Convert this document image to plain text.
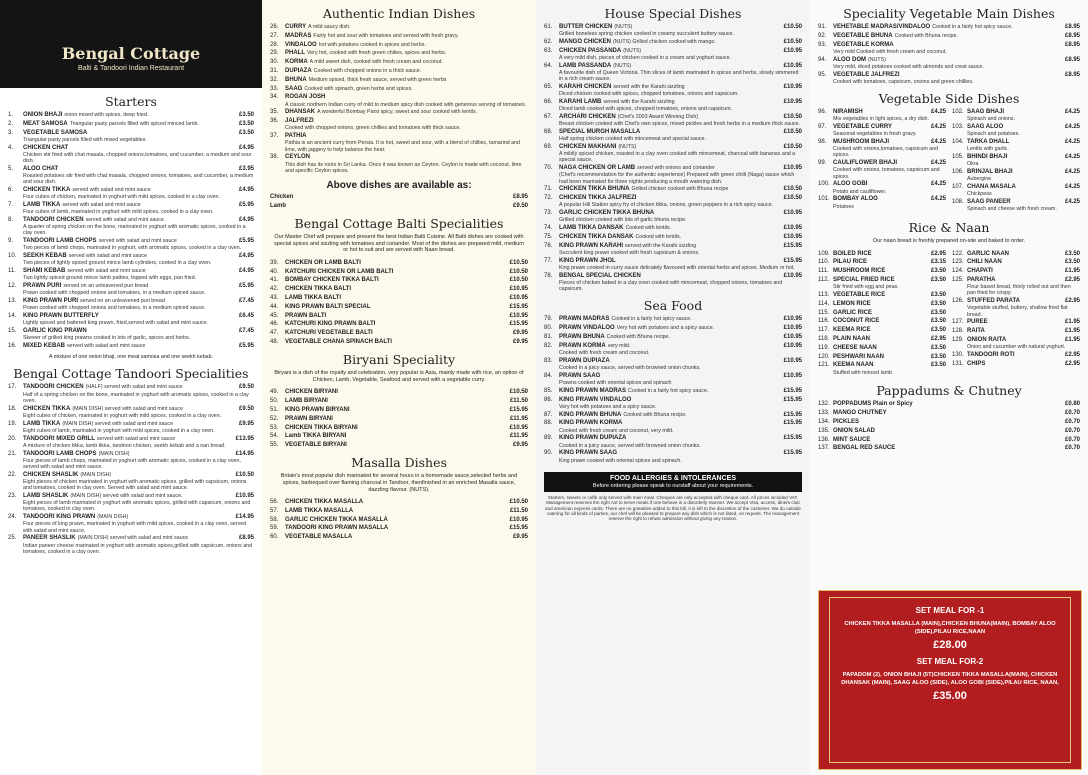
Bengal Cottage
Balti & Tandoori Indian Restaurant
Starters
1.	ONION BHAJI onion mixed with spices, deep fried.	£3.50
2.	MEAT SAMOSA Triangular pasty parcels filled with spiced minced lamb.	£3.50
3.	VEGETABLE SAMOSA	£3.50
Triangular pasty parcels filled with mixed vegetables.
4.	CHICKEN CHAT	£4.95
Chicken stir fried with chat masala, chopped onions,tomatoes, and cucumber, a medium and sour dish.
5.	ALOO CHAT	£3.95
Roasted potatoes stir fried with chat masala, chopped onions, tomatoes, and cucumber, a medium and sour dish.
6.	CHICKEN TIKKA served with salad and mint sauce	£4.95
Four cubes of chicken, marinated in yoghurt with mild spices, cooked in a clay oven.
7.	LAMB TIKKA served with salad and mint sauce	£5.95
Four cubes of lamb, marinated in yoghurt with mild spices, cooked in a clay oven.
8.	TANDOORI CHICKEN served with salad and mint sauce	£4.95
A quarter of spring chicken on the bone, marinated in yoghurt with aromatic spices, cooked in a clay oven.
9.	TANDOORI LAMB CHOPS served with salad and mint sauce	£5.95
Two pieces of lamb chops, marinated in yoghurt, with aromatic spices, cooked in a clay oven.
10.	SEEKH KEBAB served with salad and mint sauce	£4.95
Two pieces of lightly spiced ground mince lamb cylinders, cooked in a clay oven.
11.	SHAMI KEBAB served with salad and mint sauce	£4.95
Two lightly spiced ground mince lamb patties, topped with eggs, pan fried.
12.	PRAWN PURI served on an unleavened puri bread	£5.95
Prawn cooked with chopped onions and tomatoes, in a medium spiced sauce.
13.	KING PRAWN PURI served on an unleavened puri bread	£7.45
Prawn cooked with chopped onions and tomatoes, in a medium spiced sauce.
14.	KING PRAWN BUTTERFLY	£6.45
Lightly spiced and battered king prawn, fried,served with salad and mint sauce.
15.	GARLIC KING PRAWN	£7.45
Skewer of grilled king prawns cooked in lots of garlic, spices and herbs.
16.	MIXED KEBAB served with salad and mint sauce	£5.95
A mixture of one onion bhaji, one meat samosa and one seekh kebab.
Bengal Cottage Tandoori Specialities
17.	TANDOORI CHICKEN (HALF) served with salad and mint sauce	£9.50
Half of a spring chicken on the bone, marinated in yoghurt with aromatic spices, cooked in a clay oven.
18.	CHICKEN TIKKA (MAIN DISH) served with salad and mint sauce	£9.50
Eight cubes of chicken, marinated in yoghurt with mild spices, cooked in a clay oven.
19.	LAMB TIKKA (MAIN DISH) served with salad and mint sauce	£9.95
Eight cubes of lamb, marinated in yoghurt with mild spices, cooked in a clay oven.
20.	TANDOORI MIXED GRILL served with salad and mint sauce	£13.95
A mixture of chicken tikka, lamb tikka, tandoori chicken, seekh kebab and a nan bread.
21.	TANDOORI LAMB CHOPS (MAIN DISH)	£14.95
Four pieces of lamb chops, marinated in yoghurt with aromatic spices, cooked in a clay oven, served with salad and mint sauce.
22.	CHICKEN SHASLIK (MAIN DISH)	£10.50
Eight pieces of chicken marinated in yoghurt with aromatic spices, grilled with capsicum, onions and tomatoes, cooked in clay oven. Served with salad and mint sauce.
23.	LAMB SHASLIK (MAIN DISH) served with salad and mint sauce.	£10.95
Eight pieces of lamb marinated in yoghurt with aromatic spices, grilled with capsicum, onions and tomatoes, cooked in clay oven.
24.	TANDOORI KING PRAWN (MAIN DISH)	£14.95
Four pieces of king prawn, marinated in yoghurt with mild spices, cooked in a clay oven, served with salad and mint sauce.
25.	PANEER SHASLIK (MAIN DISH) served with salad and mint sauce	£8.95
Indian paneer cheese marinated in yoghurt with aromatic spices,grilled with capsicum, onions and tomatoes, cooked in a clay oven.
Authentic Indian Dishes
26.	CURRY A mild saucy dish.
27.	MADRAS Fairly hot and sour with tomatoes and served with fresh gravy.
28.	VINDALOO hot with potatoes cooked in spices and herbs.
29.	PHALL Very hot, cooked with fresh green chilies, spices and herbs.
30.	KORMA A mild sweet dish, cooked with fresh cream and coconut.
31.	DUPIAZA Cooked with chopped onions in a thick sauce.
32.	BHUNA Medium spiced, thick fresh sauce, served with green herbs
33.	SAAG Cooked with spinach, green herbs and spices.
34.	ROGAN JOSH
A classic northern Indian curry of mild to medium spicy dish cooked with generous serving of tomatoes.
35.	DHANSAK A wonderful Bombay Parsi spicy, sweet and sour cooked with lentils.
36.	JALFREZI
Cooked with chopped onions, green chillies and tomatoes with thick sauce.
37.	PATHIA
Pathia is an ancient curry from Persia. It is hot, sweet and sour, with a blend of chillies, tamarind and lime, with jaggery to help balance the heat.
38.	CEYLON
This dish has its roots in Sri Lanka. Once it was known as Ceyton. Ceylon is made with coconut, lime and specific Ceylon spices.
Above dishes are available as:
Chicken	£8.95
Lamb	£9.50
Bengal Cottage Balti Specialities
Our Master Chef will prepare and present the best Indian Balti Cuisine. All Balti dishes are cooked with special spices and sizzling with tomatoes and coriander. Most of the dishes are prepared mild, medium or hot to suit and are served with Naan bread.
39.	CHICKEN OR LAMB BALTI	£10.50
40.	KATCHURI CHICKEN OR LAMB BALTI	£10.50
41.	BOMBAY CHICKEN TIKKA BALTI	£10.50
42.	CHICKEN TIKKA BALTI	£10.95
43.	LAMB TIKKA BALTI	£10.95
44.	KING PRAWN BALTI SPECIAL	£15.95
45.	PRAWN BALTI	£10.95
46.	KATCHURI KING PRAWN BALTI	£15.95
47.	KATCHURI VEGETABLE BALTI	£9.95
48.	VEGETABLE CHANA SPINACH BALTI	£9.95
Biryani Speciality
Biryani is a dish of the royalty and celebration, very popular is Asia, mainly made with rice, an option of Chicken, Lamb, Vegetable, Seafood and served with a vegetable curry.
49.	CHICKEN BIRYANI	£10.50
50.	LAMB BIRYANI	£11.50
51.	KING PRAWN BIRYANI	£15.95
52.	PRAWN BIRYANI	£11.95
53.	CHICKEN TIKKA BIRYANI	£10.95
54.	Lamb TIKKA BIRYANI	£11.95
55.	VEGETABLE BIRYANI	£9.95
Masalla Dishes
Britain's most popular dish marinated for several hours in a homemade sauce,selected herbs and spices, barbequed over flaming charcoal in Tandoor, thenfinished in an enriched Masalla sauce, dazzling flavour. (NUTS).
56.	CHICKEN TIKKA MASALLA	£10.50
57.	LAMB TIKKA MASALLA	£11.50
58.	GARLIC CHICKEN TIKKA MASALLA	£10.95
59.	TANDOORI KING PRAWN MASALLA	£15.95
60.	VEGETABLE MASALLA	£9.95
House Special Dishes
61.	BUTTER CHICKEN (NUTS)	£10.50
Grilled boneless spring chicken cooked in creamy succulent buttery sauce.
62.	MANGO CHICKEN (NUTS) Grilled chicken cooked with mango.	£10.50
63.	CHICKEN PASSANDA (NUTS)	£10.95
A very mild dish, pieces of chicken cooked in a cream and yoghurt sauce.
64.	LAMB PASSANDA (NUTS)	£10.95
A favourite dish of Queen Victoria. Thin slices of lamb marinated in spices and herbs, slowly simmered in a rich cream sauce.
65.	KARAHI CHICKEN served with the Karahi sizzling	£10.95
Diced chicken cooked with spices, chopped tomatoes, onions and capsicum.
66.	KARAHI LAMB served with the Karahi sizzling	£10.95
Diced lamb cooked with spices, chopped tomatoes, onions and capsicum.
67.	ARCHARI CHICKEN (Chef's 2003 Award Winning Dish)	£10.50
Breast chicken cooked with Chef's own spices, mixed pickles and fresh herbs in a medium thick sauce.
68.	SPECIAL MURGH MASALLA	£10.50
Half spring chicken cooked with mincemeat and special sauce.
69.	CHICKEN MAKHANI (NUTS)	£10.50
A mildly spiced chicken, roasted in a clay oven cooked with mincemeat, charcoal with bananas and a special sauce.
70.	NAGA CHICKEN OR LAMB served with onions and coriander	£10.95
(Chef's recommendation for the authentic experience) Prepared with green chilli (Naga) sauce which had been marinated for three nights producing a mouth watering dish.
71.	CHICKEN TIKKA BHUNA Grilled chicken cooked with Bhuna recipe	£10.50
72.	CHICKEN TIKKA JALFREZI	£10.50
A popular Hill Station spicy fry of chicken tikka, onions, green peppers in a rich spicy sauce.
73.	GARLIC CHICKEN TIKKA BHUNA	£10.95
Grilled chicken cooked with lots of garlic bhuna recipe.
74.	LAMB TIKKA DANSAK Cooked with lentils.	£10.95
75.	CHICKEN TIKKA DANSAK Cooked with lentils.	£10.95
76.	KING PRAWN KARAHI served with the Karahi sizzling	£15.95
Succulent king prawn cooked with fresh capsicum & onions.
77.	KING PRAWN JHOL	£15.95
King prawn cooked in curry sauce delicately flavoured with oriental herbs and spices. Medium or hot.
78.	BENGAL SPECIAL CHICKEN	£10.95
Pieces of chicken baked in a clay oven cooked with mincemeat, chopped onions, tomatoes and capsicum.
Sea Food
79.	PRAWN MADRAS Cooked in a fairly hot spicy sauce.	£10.95
80.	PRAWN VINDALOO Very hot with potatoes and a spicy sauce.	£10.95
81.	PRAWN BHUNA Cooked with Bhuna recipe.	£10.95
82.	PRAWN KORMA very mild.	£10.95
Cooked with fresh cream and coconut.
83.	PRAWN DUPIAZA	£10.95
Cooked in a juicy sauce, served with browned onion chunks.
84.	PRAWN SAAG	£10.95
Prawns cooked with oriental spices and spinach
85.	KING PRAWN MADRAS Cooked in a fairly hot spicy sauce.	£15.95
86.	KING PRAWN VINDALOO	£15.95
Very hot with potatoes and a spicy sauce.
87.	KING PRAWN BHUNA Cooked with Bhuna recipe.	£15.95
88.	KING PRAWN KORMA	£15.95
Cooked with fresh cream and coconut, very mild.
89.	KING PRAWN DUPIAZA	£15.95
Cooked in a juicy sauce, served with browned onion chunks.
90.	KING PRAWN SAAG	£15.95
King prawn cooked with oriental spices and spinach.
FOOD ALLERGIES & INTOLERANCES
Before ordering please speak to ourstaff about your requirements.
Starters, sweets or coffe only served with main meal. Cheques are only accepted with cheque card. All prices included VAT. Management reserves the right not to serve meals if one behave in a disorderly manner. We accept Visa, access, diners club and american express cards. There are no gratuities added to this bill, it is left to the discretion of the customer. We do outside catering for all kinds of parties, our chef will be pleased to prepare any dish which is not listed, on request. The management reserve the right to refuse admission without giving any reason.
Speciality Vegetable Main Dishes
91.	VEHETABLE MADRAS/VINDALOO Cooked in a fairly hot spicy sauce.	£8.95
92.	VEGETABLE BHUNA Cooked with Bhuna recipe.	£8.95
93.	VEGETABLE KORMA	£8.95
Very mild Cooked with fresh cream and coconut.
94.	ALOO DOM (NUTS)	£8.95
Very mild, diced potatoes cooked with almonds and creat sauce.
95.	VEGETABLE JALFREZI	£8.95
Cooked with tomatoes, capsicum, onions and green chillies.
Vegetable Side Dishes
96.	NIRAMISH	£4.25
Mix vegetables in light spices, a dry dish.
97.	VEGETABLE CURRY	£4.25
Seasonal vegetables in fresh gravy.
98.	MUSHROOM BHAJI	£4.25
Cooked with onions,tomatoes, capsicum and spices.
99.	CAULIFLOWER BHAJI	£4.25
Cooked with onions, tomatoes, capsicum and spices.
100. ALOO GOBI	£4.25
Potato and cauliflower.
101. BOMBAY ALOO	£4.25
Potatoes
102. SAAG BHAJI	£4.25
Spinach and onions.
103. SAAG ALOO	£4.25
Spinach and potatoes.
104. TARKA DHALL	£4.25
Lentils with garlic.
105. BHINDI BHAJI	£4.25
Okra
106. BRINJAL BHAJI	£4.25
Aubergine
107. CHANA MASALA	£4.25
Chickpeas
108. SAAG PANEER	£4.25
Spinach and cheese with fresh cream.
Rice & Naan
Our naan bread is freshly prepared on-site and baked to order.
109. BOILED RICE	£2.95
110. PILAU RICE	£3.15
111. MUSHROOM RICE	£3.50
112. SPECIAL FRIED RICE	£3.50
Stir fried with egg and peas.
113. VEGETABLE RICE	£3.50
114. LEMON RICE	£3.50
115. GARLIC RICE	£3.50
116. COCONUT RICE	£3.50
117. KEEMA RICE	£3.50
118. PLAIN NAAN	£2.95
119. CHEESE NAAN	£3.50
120. PESHWARI NAAN	£3.50
121. KEEMA NAAN	£3.50
Stuffed with minced lamb
122. GARLIC NAAN	£3.50
123. CHILI NAAN	£3.50
124. CHAPATI	£1.95
125. PARATHA	£2.95
Flour based bread, thinly rolled out and then pan fried for crispy.
126. STUFFED PARATA	£2.95
Vegetable stuffed, buttery, shallow fried flat bread.
127. PUREE	£1.95
128. RAITA	£1.95
129. ONION RAITA	£1.95
Onion and cucumber with natural yoghurt.
130. TANDOORI ROTI	£2.95
131. CHIPS	£2.95
Pappadums & Chutney
132. POPPADUMS Plain or Spicy	£0.80
133. MANGO CHUTNEY	£0.70
134. PICKLES	£0.70
135. ONION SALAD	£0.70
136. MINT SAUCE	£0.70
137. BENGAL RED SAUCE	£0.70
SET MEAL FOR -1
CHICKEN TIKKA MASALLA (MAIN),CHICKEN BHUNA(MAIN), BOMBAY ALOO (SIDE),PILAU RICE,NAAN
£28.00
SET MEAL FOR-2
PAPADOM (2), ONION BHAJI (5T)CHICKEN TIKKA MASALLA(MAIN), CHICKEN DHANSAK (MAIN), SAAG ALOO (SIDE), ALOO GOBI (SIDE),PILAU RICE, NAAN,
£35.00
